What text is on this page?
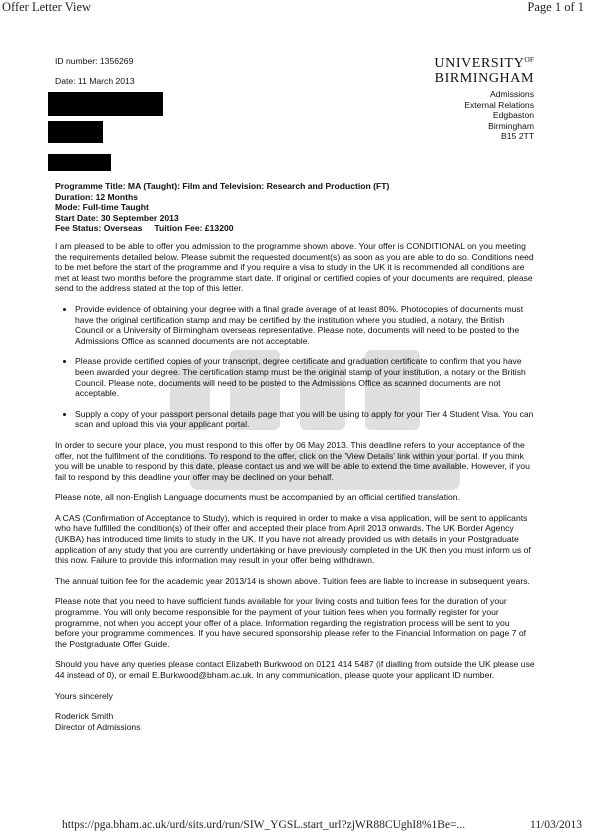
Offer Letter View	Page 1 of 1
ID number: 1356269
Date: 11 March 2013
$UNIVERSITY^{OF}$
BIRMINGHAM
Admissions
External Relations
Edgbaston
Birmingham
B15 2TT
Programme Title: MA (Taught): Film and Television: Research and Production (FT)
Duration: 12 Months
Mode: Full-time Taught
Start Date: 30 September 2013
Fee Status: Overseas Tuition Fee: £13200

I am pleased to be able to offer you admission to the programme shown above. Your offer is CONDITIONAL on you meeting the requirements detailed below. Please submit the requested document(s) as soon as you are able to do so. Conditions need to be met before the start of the programme and if you require a visa to study in the UK it is recommended all conditions are met at least two months before the programme start date. If original or certified copies of your documents are required, please send to the address stated at the top of this letter.

• Provide evidence of obtaining your degree with a final grade average of at least 80%. Photocopies of documents must have the original certification stamp and may be certified by the institution where you studied, a notary, the British Council or a University of Birmingham overseas representative. Please note, documents will need to be posted to the Admissions Office as scanned documents are not acceptable.
• Please provide certified copies of your transcript, degree certificate and graduation certificate to confirm that you have been awarded your degree. The certification stamp must be the original stamp of your institution, a notary or the British Council. Please note, documents will need to be posted to the Admissions Office as scanned documents are not acceptable.
• Supply a copy of your passport personal details page that you will be using to apply for your Tier 4 Student Visa. You can scan and upload this via your applicant portal.

In order to secure your place, you must respond to this offer by 06 May 2013. This deadline refers to your acceptance of the offer, not the fulfilment of the conditions. To respond to the offer, click on the 'View Details' link within your portal. If you think you will be unable to respond by this date, please contact us and we will be able to extend the time available. However, if you fail to respond by this deadline your offer may be declined on your behalf.

Please note, all non-English Language documents must be accompanied by an official certified translation.

A CAS (Confirmation of Acceptance to Study), which is required in order to make a visa application, will be sent to applicants who have fulfilled the condition(s) of their offer and accepted their place from April 2013 onwards. The UK Border Agency (UKBA) has introduced time limits to study in the UK. If you have not already provided us with details in your Postgraduate application of any study that you are currently undertaking or have previously completed in the UK then you must inform us of this now. Failure to provide this information may result in your offer being withdrawn.

The annual tuition fee for the academic year 2013/14 is shown above. Tuition fees are liable to increase in subsequent years.

Please note that you need to have sufficient funds available for your living costs and tuition fees for the duration of your programme. You will only become responsible for the payment of your tuition fees when you formally register for your programme, not when you accept your offer of a place. Information regarding the registration process will be sent to you before your programme commences. If you have secured sponsorship please refer to the Financial Information on page 7 of the Postgraduate Offer Guide.

Should you have any queries please contact Elizabeth Burkwood on 0121 414 5487 (if dialling from outside the UK please use 44 instead of 0), or email E.Burkwood@bham.ac.uk. In any communication, please quote your applicant ID number.

Yours sincerely

Roderick Smith
Director of Admissions

https://pga.bham.ac.uk/urd/sits.urd/run/SIW_YGSL.start_url?zjWR88CUghI8%1Be=...	11/03/2013
